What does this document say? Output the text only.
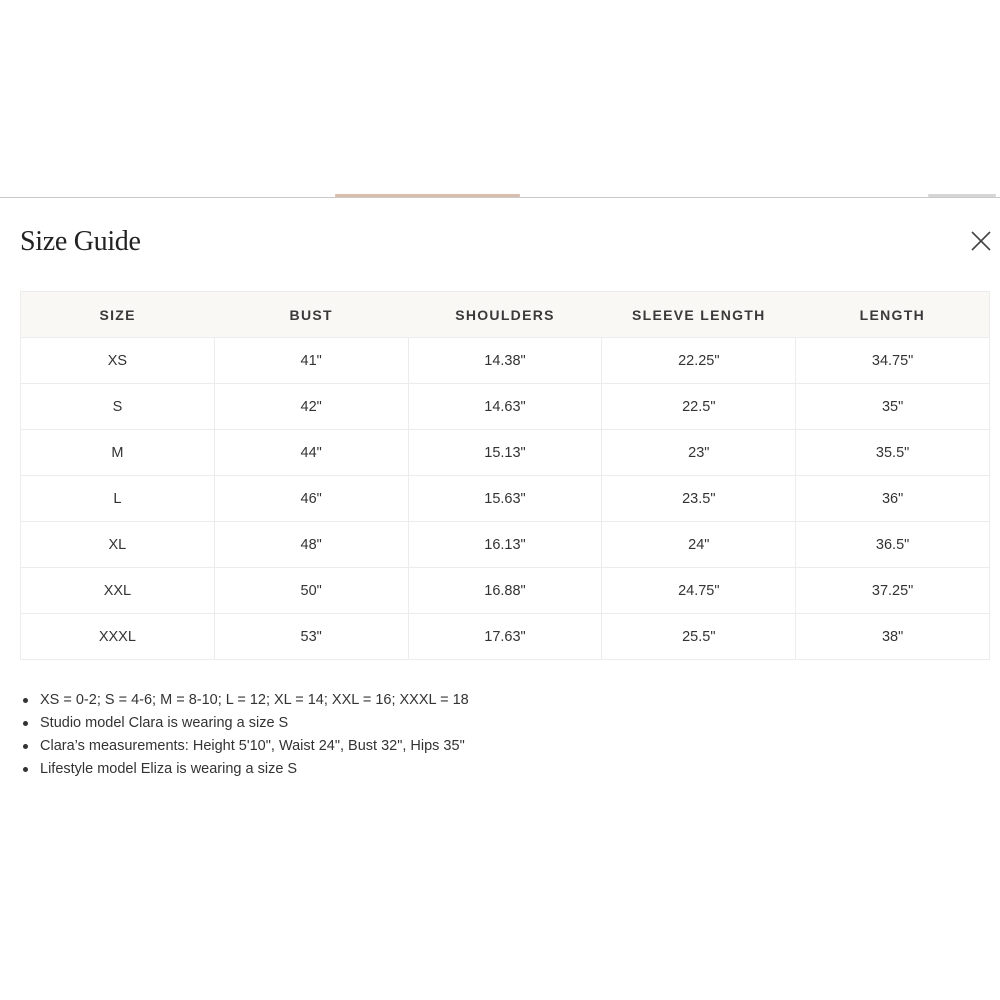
Size Guide
SIZE	BUST	SHOULDERS	SLEEVE LENGTH	LENGTH
XS	41"	14.38"	22.25"	34.75"
S	42"	14.63"	22.5"	35"
M	44"	15.13"	23"	35.5"
L	46"	15.63"	23.5"	36"
XL	48"	16.13"	24"	36.5"
XXL	50"	16.88"	24.75"	37.25"
XXXL	53"	17.63"	25.5"	38"
XS = 0-2; S = 4-6; M = 8-10; L = 12; XL = 14; XXL = 16; XXXL = 18
Studio model Clara is wearing a size S
Clara’s measurements: Height 5'10", Waist 24", Bust 32", Hips 35"
Lifestyle model Eliza is wearing a size S
